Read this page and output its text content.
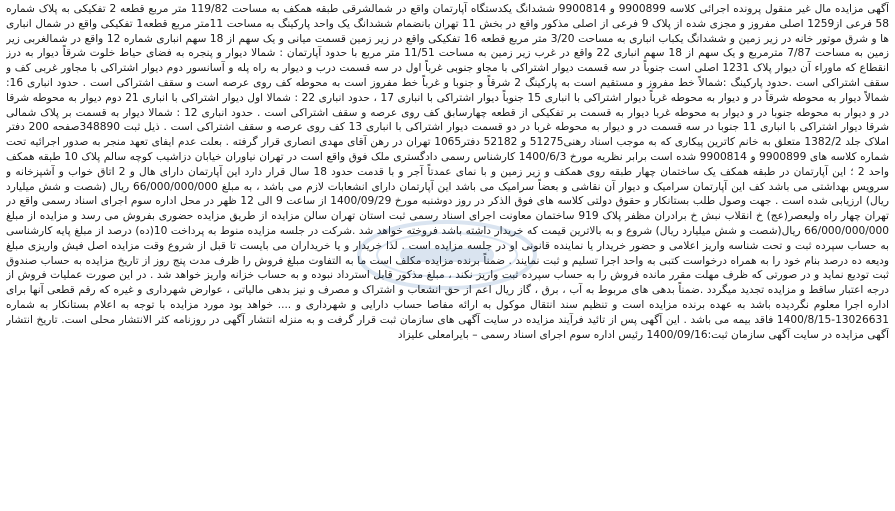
آگهی مزایده مال غیر منقول پرونده اجرائی کلاسه 9900899 و 9900814 ششدانگ یکدستگاه آپارتمان واقع در شمالشرقی طبقه همکف به مساحت 119/82 متر مربع قطعه 2 تفکیکی به پلاک شماره 58 فرعی از1259 اصلی مفروز و مجزی شده از پلاک 9 فرعی از اصلی مذکور واقع در بخش 11 تهران بانضمام ششدانگ یک واحد پارکینگ به مساحت 11متر مربع قطعه1 تفکیکی واقع در شمال انباری ها و شرق موتور خانه در زیر زمین و ششدانگ یکباب انباری به مساحت 3/20 متر مربع قطعه 16 تفکیکی واقع در زیر زمین قسمت میانی و یک سهم از 18 سهم انباری شماره 12 واقع در شمالغربی زیر زمین به مساحت 7/87 مترمربع و یک سهم از 18 سهم انباری 22 واقع در غرب زیر زمین به مساحت 11/51 متر مربع با حدود آپارتمان : شمالا دیوار و پنجره به فضای حیاط خلوت شرقاً دیوار به درز انقطاع که ماوراء آن دیوار پلاک 1231 اصلی است جنوباً در سه قسمت دیوار اشتراکی با مجاو جنوبی غرباً اول در سه قسمت درب و دیوار به راه پله و آسانسور دوم دیوار اشتراکی با مجاور غربی کف و سقف اشتراکی است .حدود پارکینگ :شمالاً خط مفروز و مستقیم است به پارکینگ 2 شرقاً و جنوبا و غرباً خط مفروز است به محوطه کف روی عرصه است و سقف اشتراکی است . حدود انباری 16: شمالاً دیوار به محوطه شرقاً در و دیوار به محوطه غرباً دیوار اشتراکی با انباری 15 جنوباً دیوار اشتراکی با انباری 17 ، حدود انباری 22 : شمالا اول دیوار اشتراکی با انباری 21 دوم دیوار به محوطه شرقا در و دیوار به محوطه جنوبا در و دیوار به محوطه غربا دیوار به قسمت بر تفکیکی از قطعه چهارسابق کف روی عرصه و سقف اشتراکی است . حدود انباری 12 : شمالا دیوار به قسمت بر پلاک شمالی شرقا دیوار اشتراکی با انباری 11 جنوبا در سه قسمت در و دیوار به محوطه غربا در دو قسمت دیوار اشتراکی با انباری 13 کف روی عرصه و سقف اشتراکی است . ذیل ثبت 348890صفحه 200 دفتر املاک جلد 1382/2 متعلق به خانم کاترین پیکاری که به موجب اسناد رهنی51275 و 52182 دفتر1065 تهران در رهن آقای مهدی انصاری قرار گرفته . بعلت عدم ایفای تعهد منجر به صدور اجرائیه تحت شماره کلاسه های 9900899 و 9900814 شده است برابر نظریه مورخ 1400/6/3 کارشناس رسمی دادگستری ملک فوق واقع است در تهران نیاوران خیابان دزاشیب کوچه سالم پلاک 10 طبقه همکف واحد 2 ؛ این آپارتمان در طبقه همکف یک ساختمان چهار طبقه روی همکف و زیر زمین و با نمای عمدتاً آجر و با قدمت حدود 18 سال قرار دارد این آپارتمان دارای هال و 2 اتاق خواب و آشپزخانه و سرویس بهداشتی می باشد کف این آپارتمان سرامیک و دیوار آن نقاشی و بعضاً سرامیک می باشد این آپارتمان دارای انشعابات لازم می باشد ، به مبلغ 66/000/000/000 ریال (شصت و شش میلیارد ریال) ارزیابی شده است . جهت وصول طلب بستانکار و حقوق دولتی کلاسه های فوق الذکر در روز دوشنبه مورخ 1400/09/29 از ساعت 9 الی 12 ظهر در محل اداره سوم اجرای اسناد رسمی واقع در تهران چهار راه ولیعصر(عج) خ انقلاب نبش خ برادران مظفر پلاک 919 ساختمان معاونت اجرای اسناد رسمی ثبت استان تهران سالن مزایده از طریق مزایده حضوری بفروش می رسد و مزایده از مبلغ 66/000/000/000 ریال(شصت و شش میلیارد ریال) شروع و به بالاترین قیمت که خریدار داشته باشد فروخته خواهد شد .شرکت در جلسه مزایده منوط به پرداخت 10(ده) درصد از مبلغ پایه کارشناسی به حساب سپرده ثبت و تحت شناسه واریز اعلامی و حضور خریدار یا نماینده قانونی او در جلسه مزایده است . لذا خریدار و یا خریداران می بایست تا قبل از شروع وقت مزایده اصل فیش واریزی مبلغ ودیعه ده درصد بنام خود را به همراه درخواست کتبی به واحد اجرا تسلیم و ثبت نمایند . ضمناً برنده مزایده مکلف است ما به التفاوت مبلغ فروش را ظرف مدت پنج روز از تاریخ مزایده به حساب صندوق ثبت توديع نماید و در صورتی که ظرف مهلت مقرر مانده فروش را به حساب سپرده ثبت واریز نکند ، مبلغ مذکور قابل استرداد نبوده و به حساب خزانه واریز خواهد شد . در این صورت عملیات فروش از درجه اعتبار ساقط و مزایده تجدید میگردد .ضمناً بدهی های مربوط به آب ، برق ، گاز ریال اعم از حق انشعاب و اشتراک و مصرف و نیز بدهی مالیاتی ، عوارض شهرداری و غیره که رقم قطعی آنها برای اداره اجرا معلوم نگردیده باشد به عهده برنده مزایده است و تنظیم سند انتقال موکول به ارائه مفاصا حساب دارایی و شهرداری و .... خواهد بود مورد مزایده با توجه به اعلام بستانکار به شماره 13026631-1400/8/15 فاقد بیمه می باشد . این آگهی پس از تائید فرآیند مزایده در سایت آگهی های سازمان ثبت قرار گرفت و به منزله انتشار آگهی در روزنامه کثر الانتشار محلی است. تاریخ انتشار آگهی مزایده در سایت آگهی سازمان ثبت:1400/09/16 رئیس اداره سوم اجرای اسناد رسمی – بایرامعلی علیزاد
